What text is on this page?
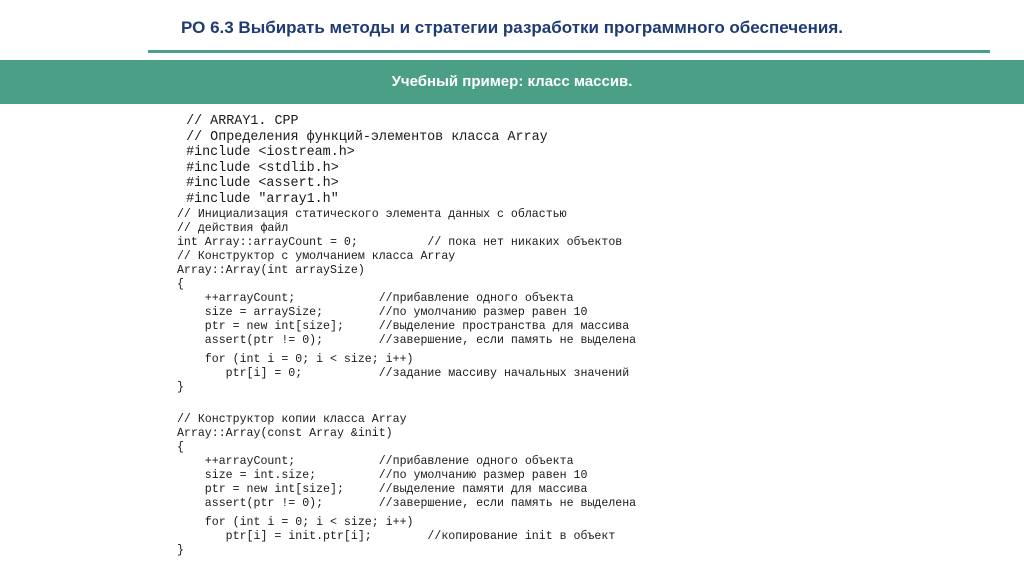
РО 6.3 Выбирать методы и стратегии разработки программного обеспечения.
Учебный пример: класс массив.
// ARRAY1. CPP
// Определения функций-элементов класса Array
#include <iostream.h>
#include <stdlib.h>
#include <assert.h>
#include "array1.h"
// Инициализация статического элемента данных с областью
// действия файл
int Array::arrayCount = 0;          // пока нет никаких объектов
// Конструктор с умолчанием класса Array
Array::Array(int arraySize)
{
++arrayCount;            //прибавление одного объекта
size = arraySize;        //по умолчанию размер равен 10
ptr = new int[size];     //выделение пространства для массива
assert(ptr != 0);        //завершение, если память не выделена
for (int i = 0; i < size; i++)
ptr[i] = 0;           //задание массиву начальных значений
}
// Конструктор копии класса Array
Array::Array(const Array &init)
{
++arrayCount;            //прибавление одного объекта
size = int.size;         //по умолчанию размер равен 10
ptr = new int[size];     //выделение памяти для массива
assert(ptr != 0);        //завершение, если память не выделена
for (int i = 0; i < size; i++)
ptr[i] = init.ptr[i];        //копирование init в объект
}
